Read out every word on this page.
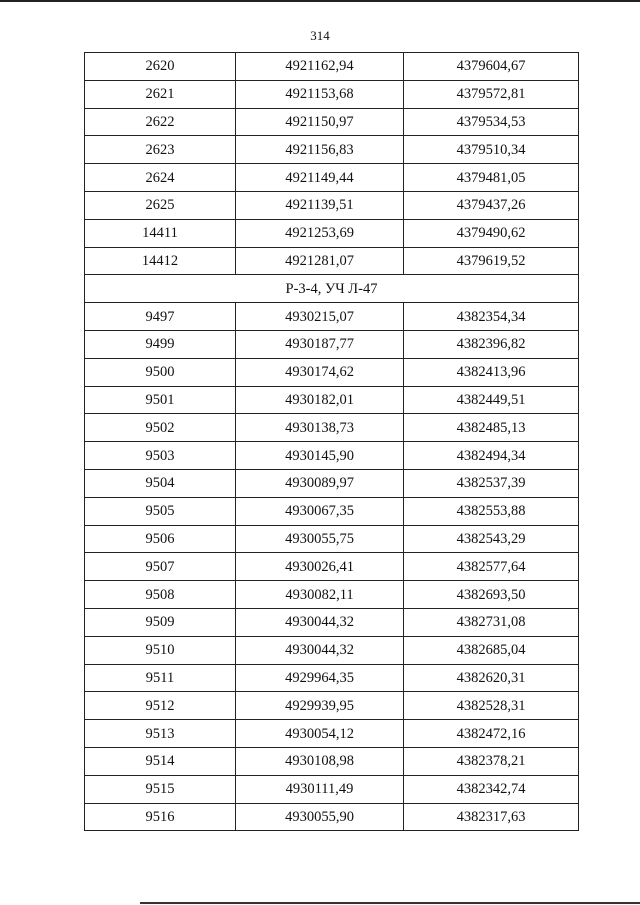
314
2620	4921162,94	4379604,67
2621	4921153,68	4379572,81
2622	4921150,97	4379534,53
2623	4921156,83	4379510,34
2624	4921149,44	4379481,05
2625	4921139,51	4379437,26
14411	4921253,69	4379490,62
14412	4921281,07	4379619,52
Р-3-4, УЧ Л-47		
9497	4930215,07	4382354,34
9499	4930187,77	4382396,82
9500	4930174,62	4382413,96
9501	4930182,01	4382449,51
9502	4930138,73	4382485,13
9503	4930145,90	4382494,34
9504	4930089,97	4382537,39
9505	4930067,35	4382553,88
9506	4930055,75	4382543,29
9507	4930026,41	4382577,64
9508	4930082,11	4382693,50
9509	4930044,32	4382731,08
9510	4930044,32	4382685,04
9511	4929964,35	4382620,31
9512	4929939,95	4382528,31
9513	4930054,12	4382472,16
9514	4930108,98	4382378,21
9515	4930111,49	4382342,74
9516	4930055,90	4382317,63
